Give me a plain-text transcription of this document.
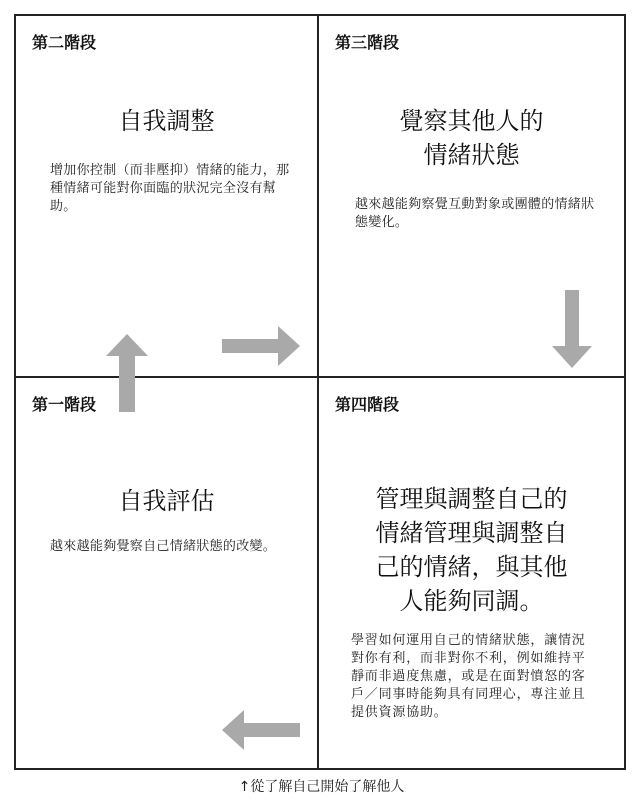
第二階段
自我調整
增加你控制（而非壓抑）情緒的能力，那種情緒可能對你面臨的狀況完全沒有幫助。
第三階段
覺察其他人的
情緒狀態
越來越能夠察覺互動對象或團體的情緒狀態變化。
第一階段
自我評估
越來越能夠覺察自己情緒狀態的改變。
第四階段
管理與調整自己的
情緒管理與調整自
己的情緒，與其他
人能夠同調。
學習如何運用自己的情緒狀態，讓情況對你有利，而非對你不利，例如維持平靜而非過度焦慮，或是在面對憤怒的客戶／同事時能夠具有同理心，專注並且提供資源協助。
↑從了解自己開始了解他人
